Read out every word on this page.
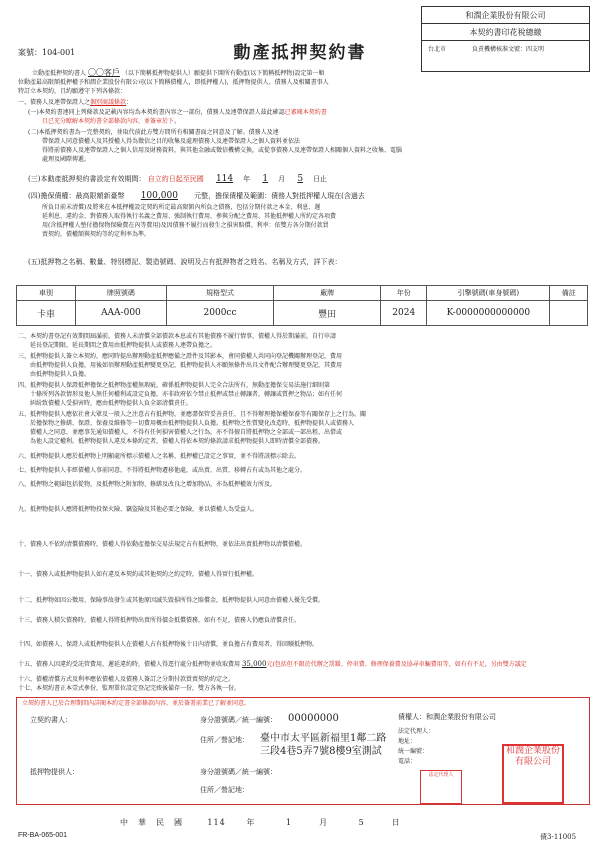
和潤企業股份有限公司
本契約書印花稅總繳
台北市	負責機構核准文號：四支明
案號：104-001	動產抵押契約書
立動產抵押契約書人 〇〇客戶 （以下簡稱抵押物提供人）願提供下開所有動產(以下簡稱抵押物)設定第一順
位動產最高限額抵押權予和潤企業股份有限公司(以下簡稱債權人，即抵押權人)，抵押物提供人、債務人及相關書事人
特訂立本契約，且約願遵守下列各條款：
一、債務人及連帶保證人之個別商議條款：
(一)本契約書連同上列條款及記載內容均為本契約書內容之一部份，債務人及連帶保證人茲此確認已審閱本契約書
且已充分瞭解本契約書全部條款內容，並簽章於下。
(二)本抵押契約書為一完整契約，並取代前此方雙方間所有相關書面之同意及了解。債務人及連
帶保證人同意債權人及其授權人得為徵信之目的收集及處理債務人及連帶保證人之個人資料並依法
得將前債務人及連帶保證人之個人信用及財務資料，與其他金融或徵信機構交換，或從事債務人及連帶保證人相關個人資料之收集、電腦
處理及國際傳遞。
(三)本動產抵押契約書設定有效期間： 自立約日起至民國 114 年 1 月 5 日止
(四)擔保債權：最高限額新臺幣 100,000 元整，擔保債權及範圍：債務人對抵押權人現在(含過去
所負目前未清償)及將來在本抵押權設定契約所定最高限額內所負之債務，包括分期付款之本金、利息、遲
延利息、違約金、對債務人取得執行名義之費用、強制執行費用、參與分配之費用、其他抵押權人所約定各項費
用(含抵押權人墊付擔保物保險費在內等費用)及因債務不履行而發生之損害賠償。利率：依雙方各分期付款買
賣契約，債權額與契約等約定利率為準。
(五)抵押物之名稱、數量、特別標記、製造號碼、說明及占有抵押物者之姓名、名稱及方式，詳下表：
車別	牌照號碼	規格型式	廠牌	年份	引擎號碼(車身號碼)	備註
卡車	AAA-000	2000cc	豐田	2024	K-0000000000000	
二、本契約書登記有效期間屆滿前，債務人未清償全部債款本息或有其他債務不履行情事，債權人得於期滿前，自行申請
　　延長登記期限，延長期間之費用由抵押物提供人或債務人連帶負擔之。
三、抵押物提供人簽立本契約，應同時提出辦理動產抵押應備之證件及其影本，會同債權人共同向登記機關辦理登記，費用
　　由抵押物提供人負擔，用後如須辦理動產抵押變更登記，抵押物提供人亦願無條件出具文件配合辦理變更登記，其費用
　　由抵押物提供人負擔。
四、抵押物提供人保證抵押擔保之抵押物產權無瑕疵，確係抵押物提供人完全合法所有，無動產擔保交易法施行細則第
　　十條所列各款情形及他人無任何權利或設定負擔，亦非政府依令禁止抵押或禁止轉讓者，轉讓或質押之物品；如有任何
　　糾紛致債權人受損害時，應由抵押物提供人負全部清償責任。
五、抵押物提供人應依社會大眾及一般人之注意占有抵押物，並應盡保管妥善責任，且不得辦理擔保權保養等有關保存上之行為。關
　　於擔保物之修繕、保證、保養及維修等一切費用概由抵押物提供人負擔。抵押物之性質變化改造時，抵押物提供人或債務人
　　債權人之同意，並應事先通知債權人，不得有任何損害債權人之行為，亦不得擅自將抵押物之全部或一部出租、出借或
　　為他人設定權利。抵押物提供人違反本條約定者，債權人得依本契約條款請求抵押物提供人即時清償全部債務。
六、抵押物提供人應於抵押物上明顯處所標示債權人之名稱、抵押權已設定之事實，並不得將該標示除去。
七、抵押物提供人非經債權人事前同意，不得將抵押物遷移他處，或出賣、出質、移轉占有或為其他之處分。
八、抵押物之範圍包括從物，及抵押物之附加物、修繕及改良之增加物品，亦為抵押權效力所及。
九、抵押物提供人應將抵押物投保火險、竊盜險及其他必要之保險，並以債權人為受益人。
十、債務人不依約清償債務時，債權人得依動產擔保交易法規定占有抵押物，並依法出賣抵押物以清償債權。
十一、債務人或抵押物提供人如有違反本契約或其他契約之約定時，債權人得實行抵押權。
十二、抵押物如因公徵用、保險事故發生或其他原因滅失毀損所得之賠償金，抵押物提供人同意由債權人優先受償。
十三、債務人積欠債務時，債權人得將抵押物出賣所得價金抵償債務，如有不足，債務人仍應負清償責任。
十四、如債務人、保證人或抵押物提供人在債權人占有抵押物後十日內清償，並負擔占有費用者，得回贖抵押物。
十五、債務人因違約受託管費用，遲延違約時，債權人得逕行處分抵押物並收取費用 35,000元(包括但不限於代辦之罰鍰、停車費、修理保養費及協尋車輛費用等，如有有不足，另由雙方議定
十六、債權清償方式及利率應依債權人及債務人簽訂之分期付款買賣契約約定之。
十七、本契約書正本壹式參份，監理單位設定登記完竣後備存一份，雙方各執一份。
立契約書人已於合理期間內詳閱本約定書全部條款內容，並於簽署前業已了解並同意。
立契約書人：	身分證號碼／統一編號： 00000000
住所／營記地： 臺中市太平區新福里1鄰二路
三段4巷5弄7號8樓9室測試
抵押物提供人：	身分證號碼／統一編號：
住所／營記地：
債權人：和潤企業股份有限公司
法定代理人：
地址：
統一編號：
電話：
和潤企業股份有限公司
法定代理人
中　華　民　國	114	年	1	月	5	日
FR-BA-065-001	債3-11005
